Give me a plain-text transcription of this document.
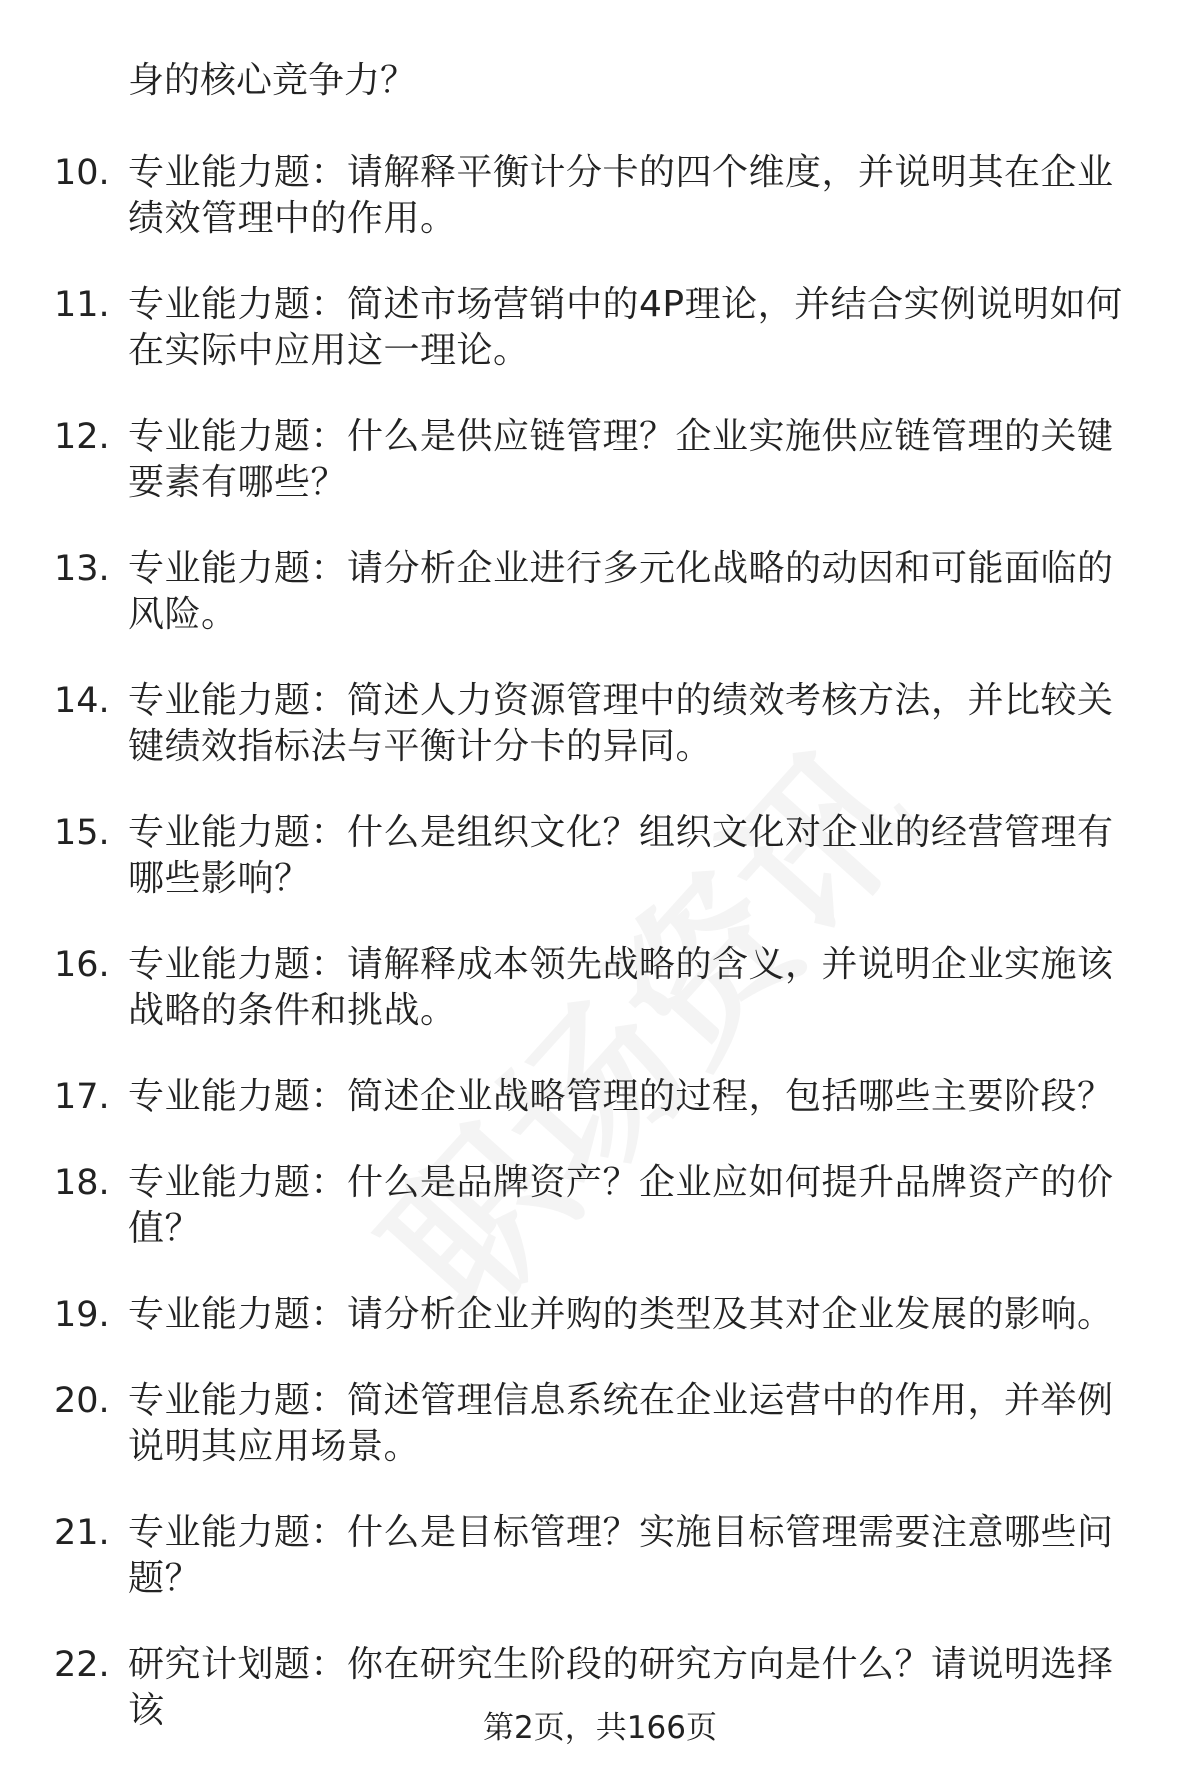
身的核心竞争力？

10. 专业能力题：请解释平衡计分卡的四个维度，并说明其在企业绩效管理中的作用。
11. 专业能力题：简述市场营销中的4P理论，并结合实例说明如何在实际中应用这一理论。
12. 专业能力题：什么是供应链管理？企业实施供应链管理的关键要素有哪些？
13. 专业能力题：请分析企业进行多元化战略的动因和可能面临的风险。
14. 专业能力题：简述人力资源管理中的绩效考核方法，并比较关键绩效指标法与平衡计分卡的异同。
15. 专业能力题：什么是组织文化？组织文化对企业的经营管理有哪些影响？
16. 专业能力题：请解释成本领先战略的含义，并说明企业实施该战略的条件和挑战。
17. 专业能力题：简述企业战略管理的过程，包括哪些主要阶段？
18. 专业能力题：什么是品牌资产？企业应如何提升品牌资产的价值？
19. 专业能力题：请分析企业并购的类型及其对企业发展的影响。
20. 专业能力题：简述管理信息系统在企业运营中的作用，并举例说明其应用场景。
21. 专业能力题：什么是目标管理？实施目标管理需要注意哪些问题？
22. 研究计划题：你在研究生阶段的研究方向是什么？请说明选择该	第2页，共166页
